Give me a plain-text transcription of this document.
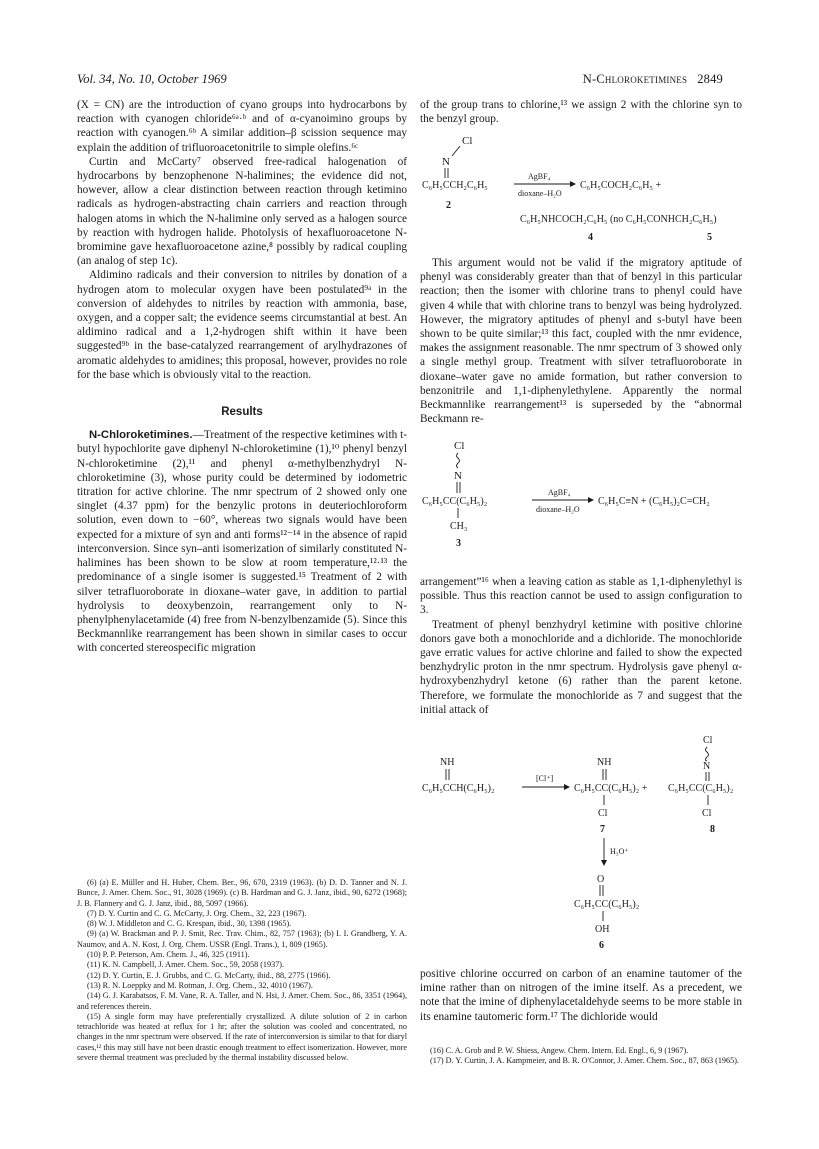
Vol. 34, No. 10, October 1969	N-Chloroketimines 2849

(X = CN) are the introduction of cyano groups into hydrocarbons by reaction with cyanogen chloride⁶ᵃ·ᵇ and of α-cyanoimino groups by reaction with cyanogen.⁶ᵇ A similar addition–β scission sequence may explain the addition of trifluoroacetonitrile to simple olefins.⁶ᶜ

Curtin and McCarty⁷ observed free-radical halogenation of hydrocarbons by benzophenone N-halimines; the evidence did not, however, allow a clear distinction between reaction through ketimino radicals as hydrogen-abstracting chain carriers and reaction through halogen atoms in which the N-halimine only served as a halogen source by reaction with hydrogen halide. Photolysis of hexafluoroacetone N-bromimine gave hexafluoroacetone azine,⁸ possibly by radical coupling (an analog of step 1c).

Aldimino radicals and their conversion to nitriles by donation of a hydrogen atom to molecular oxygen have been postulated⁹ᵃ in the conversion of aldehydes to nitriles by reaction with ammonia, base, oxygen, and a copper salt; the evidence seems circumstantial at best. An aldimino radical and a 1,2-hydrogen shift within it have been suggested⁹ᵇ in the base-catalyzed rearrangement of arylhydrazones of aromatic aldehydes to amidines; this proposal, however, provides no role for the base which is obviously vital to the reaction.

Results

N-Chloroketimines.—Treatment of the respective ketimines with t-butyl hypochlorite gave diphenyl N-chloroketimine (1),¹⁰ phenyl benzyl N-chloroketimine (2),¹¹ and phenyl α-methylbenzhydryl N-chloroketimine (3), whose purity could be determined by iodometric titration for active chlorine. The nmr spectrum of 2 showed only one singlet (4.37 ppm) for the benzylic protons in deuteriochloroform solution, even down to −60°, whereas two signals would have been expected for a mixture of syn and anti forms¹²⁻¹⁴ in the absence of rapid interconversion. Since syn–anti isomerization of similarly constituted N-halimines has been shown to be slow at room temperature,¹²·¹³ the predominance of a single isomer is suggested.¹⁵ Treatment of 2 with silver tetrafluoroborate in dioxane–water gave, in addition to partial hydrolysis to deoxybenzoin, rearrangement only to N-phenylphenylacetamide (4) free from N-benzylbenzamide (5). Since this Beckmannlike rearrangement has been shown in similar cases to occur with concerted stereospecific migration

(6) (a) E. Müller and H. Huber, Chem. Ber., 96, 670, 2319 (1963). (b) D. D. Tanner and N. J. Bunce, J. Amer. Chem. Soc., 91, 3028 (1969). (c) B. Hardman and G. J. Janz, ibid., 90, 6272 (1968); J. B. Flannery and G. J. Janz, ibid., 88, 5097 (1966).

(7) D. Y. Curtin and C. G. McCarty, J. Org. Chem., 32, 223 (1967).

(8) W. J. Middleton and C. G. Krespan, ibid., 30, 1398 (1965).

(9) (a) W. Brackman and P. J. Smit, Rec. Trav. Chim., 82, 757 (1963); (b) I. I. Grandberg, Y. A. Naumov, and A. N. Kost, J. Org. Chem. USSR (Engl. Trans.), 1, 809 (1965).

(10) P. P. Peterson, Am. Chem. J., 46, 325 (1911).

(11) K. N. Campbell, J. Amer. Chem. Soc., 59, 2058 (1937).

(12) D. Y. Curtin, E. J. Grubbs, and C. G. McCarty, ibid., 88, 2775 (1966).

(13) R. N. Loeppky and M. Rotman, J. Org. Chem., 32, 4010 (1967).

(14) G. J. Karabatsos, F. M. Vane, R. A. Taller, and N. Hsi, J. Amer. Chem. Soc., 86, 3351 (1964), and references therein.

(15) A single form may have preferentially crystallized. A dilute solution of 2 in carbon tetrachloride was heated at reflux for 1 hr; after the solution was cooled and concentrated, no changes in the nmr spectrum were observed. If the rate of interconversion is similar to that for diaryl cases,¹² this may still have not been drastic enough treatment to effect isomerization. However, more severe thermal treatment was precluded by the thermal instability discussed below.

of the group trans to chlorine,¹³ we assign 2 with the chlorine syn to the benzyl group.

Cl
N
C₆H₅CCH₂C₆H₅
2
AgBF₄
dioxane–H₂O
C₆H₅COCH₂C₆H₅ +
C₆H₅NHCOCH₂C₆H₅ (no C₆H₅CONHCH₂C₆H₅)
4	5

This argument would not be valid if the migratory aptitude of phenyl was considerably greater than that of benzyl in this particular reaction; then the isomer with chlorine trans to phenyl could have given 4 while that with chlorine trans to benzyl was being hydrolyzed. However, the migratory aptitudes of phenyl and s-butyl have been shown to be quite similar;¹³ this fact, coupled with the nmr evidence, makes the assignment reasonable. The nmr spectrum of 3 showed only a single methyl group. Treatment with silver tetrafluoroborate in dioxane–water gave no amide formation, but rather conversion to benzonitrile and 1,1-diphenylethylene. Apparently the normal Beckmannlike rearrangement¹³ is superseded by the “abnormal Beckmann re-

Cl
N
C₆H₅CC(C₆H₅)₂
CH₃
3
AgBF₄
dioxane–H₂O
C₆H₅C≡N + (C₆H₅)₂C=CH₂

arrangement”¹⁶ when a leaving cation as stable as 1,1-diphenylethyl is possible. Thus this reaction cannot be used to assign configuration to 3.

Treatment of phenyl benzhydryl ketimine with positive chlorine donors gave both a monochloride and a dichloride. The monochloride gave erratic values for active chlorine and failed to show the expected benzhydrylic proton in the nmr spectrum. Hydrolysis gave phenyl α-hydroxybenzhydryl ketone (6) rather than the parent ketone. Therefore, we formulate the monochloride as 7 and suggest that the initial attack of

NH
C₆H₅CCH(C₆H₅)₂
[Cl⁺]
NH
C₆H₅CC(C₆H₅)₂ +
Cl
7
Cl
N
C₆H₅CC(C₆H₅)₂
Cl
8
H₃O⁺
O
C₆H₅CC(C₆H₅)₂
OH
6

positive chlorine occurred on carbon of an enamine tautomer of the imine rather than on nitrogen of the imine itself. As a precedent, we note that the imine of diphenylacetaldehyde seems to be more stable in its enamine tautomeric form.¹⁷ The dichloride would

(16) C. A. Grob and P. W. Shiess, Angew. Chem. Intern. Ed. Engl., 6, 9 (1967).

(17) D. Y. Curtin, J. A. Kampmeier, and B. R. O'Connor, J. Amer. Chem. Soc., 87, 863 (1965).
